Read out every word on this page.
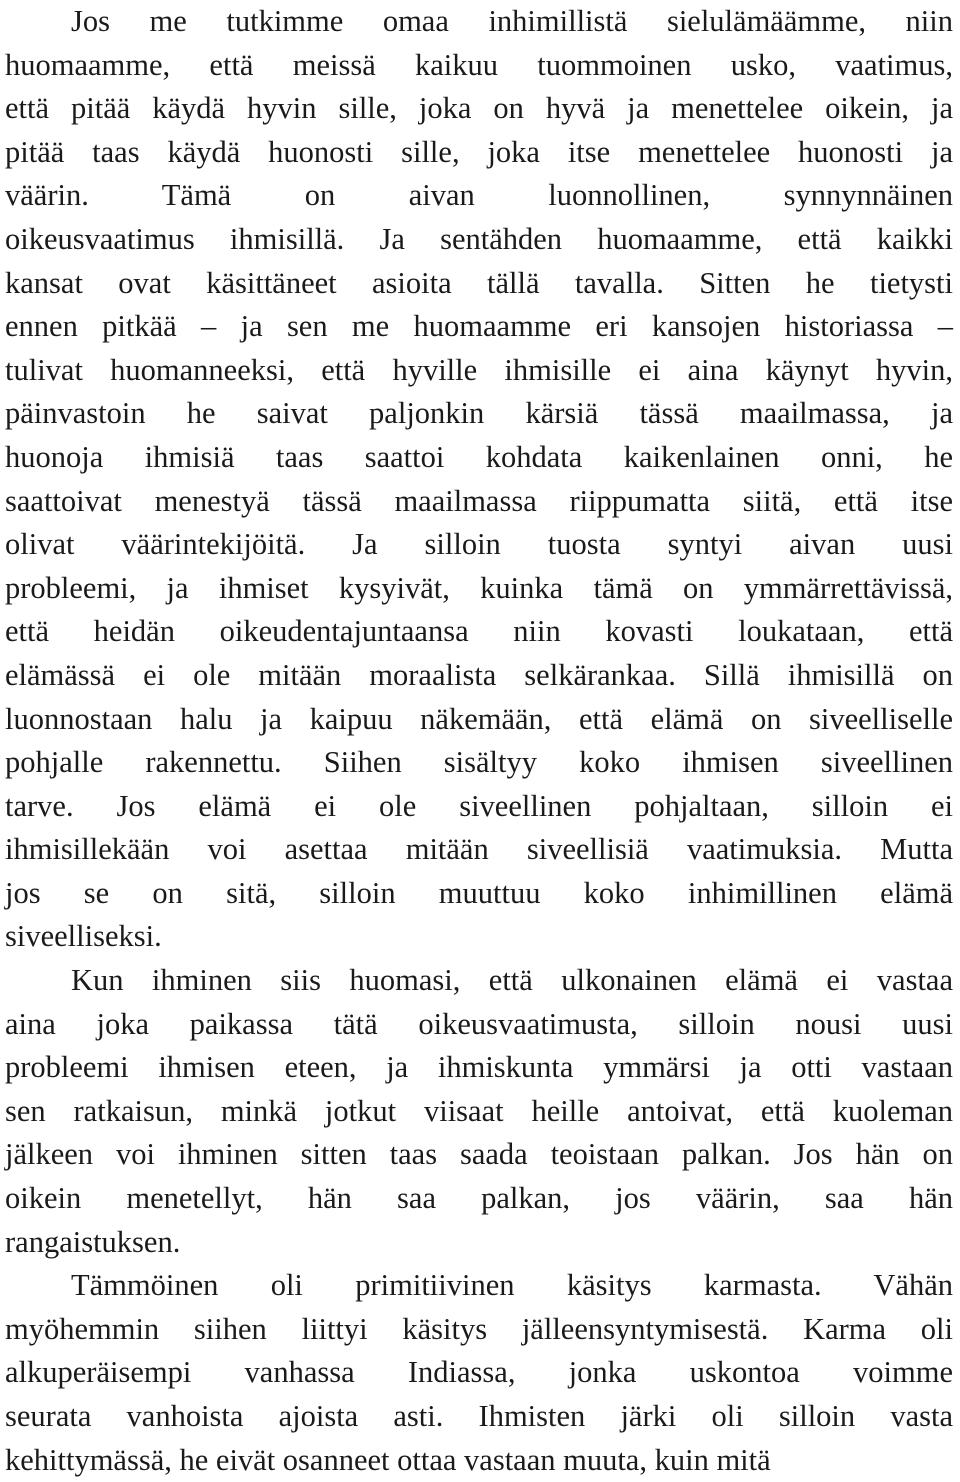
Jos me tutkimme omaa inhimillistä sielulämäämme, niin
huomaamme, että meissä kaikuu tuommoinen usko, vaatimus,
että pitää käydä hyvin sille, joka on hyvä ja menettelee oikein, ja
pitää taas käydä huonosti sille, joka itse menettelee huonosti ja
väärin. Tämä on aivan luonnollinen, synnynnäinen
oikeusvaatimus ihmisillä. Ja sentähden huomaamme, että kaikki
kansat ovat käsittäneet asioita tällä tavalla. Sitten he tietysti
ennen pitkää – ja sen me huomaamme eri kansojen historiassa –
tulivat huomanneeksi, että hyville ihmisille ei aina käynyt hyvin,
päinvastoin he saivat paljonkin kärsiä tässä maailmassa, ja
huonoja ihmisiä taas saattoi kohdata kaikenlainen onni, he
saattoivat menestyä tässä maailmassa riippumatta siitä, että itse
olivat väärintekijöitä. Ja silloin tuosta syntyi aivan uusi
probleemi, ja ihmiset kysyivät, kuinka tämä on ymmärrettävissä,
että heidän oikeudentajuntaansa niin kovasti loukataan, että
elämässä ei ole mitään moraalista selkärankaa. Sillä ihmisillä on
luonnostaan halu ja kaipuu näkemään, että elämä on siveelliselle
pohjalle rakennettu. Siihen sisältyy koko ihmisen siveellinen
tarve. Jos elämä ei ole siveellinen pohjaltaan, silloin ei
ihmisillekään voi asettaa mitään siveellisiä vaatimuksia. Mutta
jos se on sitä, silloin muuttuu koko inhimillinen elämä
siveelliseksi.
Kun ihminen siis huomasi, että ulkonainen elämä ei vastaa
aina joka paikassa tätä oikeusvaatimusta, silloin nousi uusi
probleemi ihmisen eteen, ja ihmiskunta ymmärsi ja otti vastaan
sen ratkaisun, minkä jotkut viisaat heille antoivat, että kuoleman
jälkeen voi ihminen sitten taas saada teoistaan palkan. Jos hän on
oikein menetellyt, hän saa palkan, jos väärin, saa hän
rangaistuksen.
Tämmöinen oli primitiivinen käsitys karmasta. Vähän
myöhemmin siihen liittyi käsitys jälleensyntymisestä. Karma oli
alkuperäisempi vanhassa Indiassa, jonka uskontoa voimme
seurata vanhoista ajoista asti. Ihmisten järki oli silloin vasta
kehittymässä, he eivät osanneet ottaa vastaan muuta, kuin mitä
